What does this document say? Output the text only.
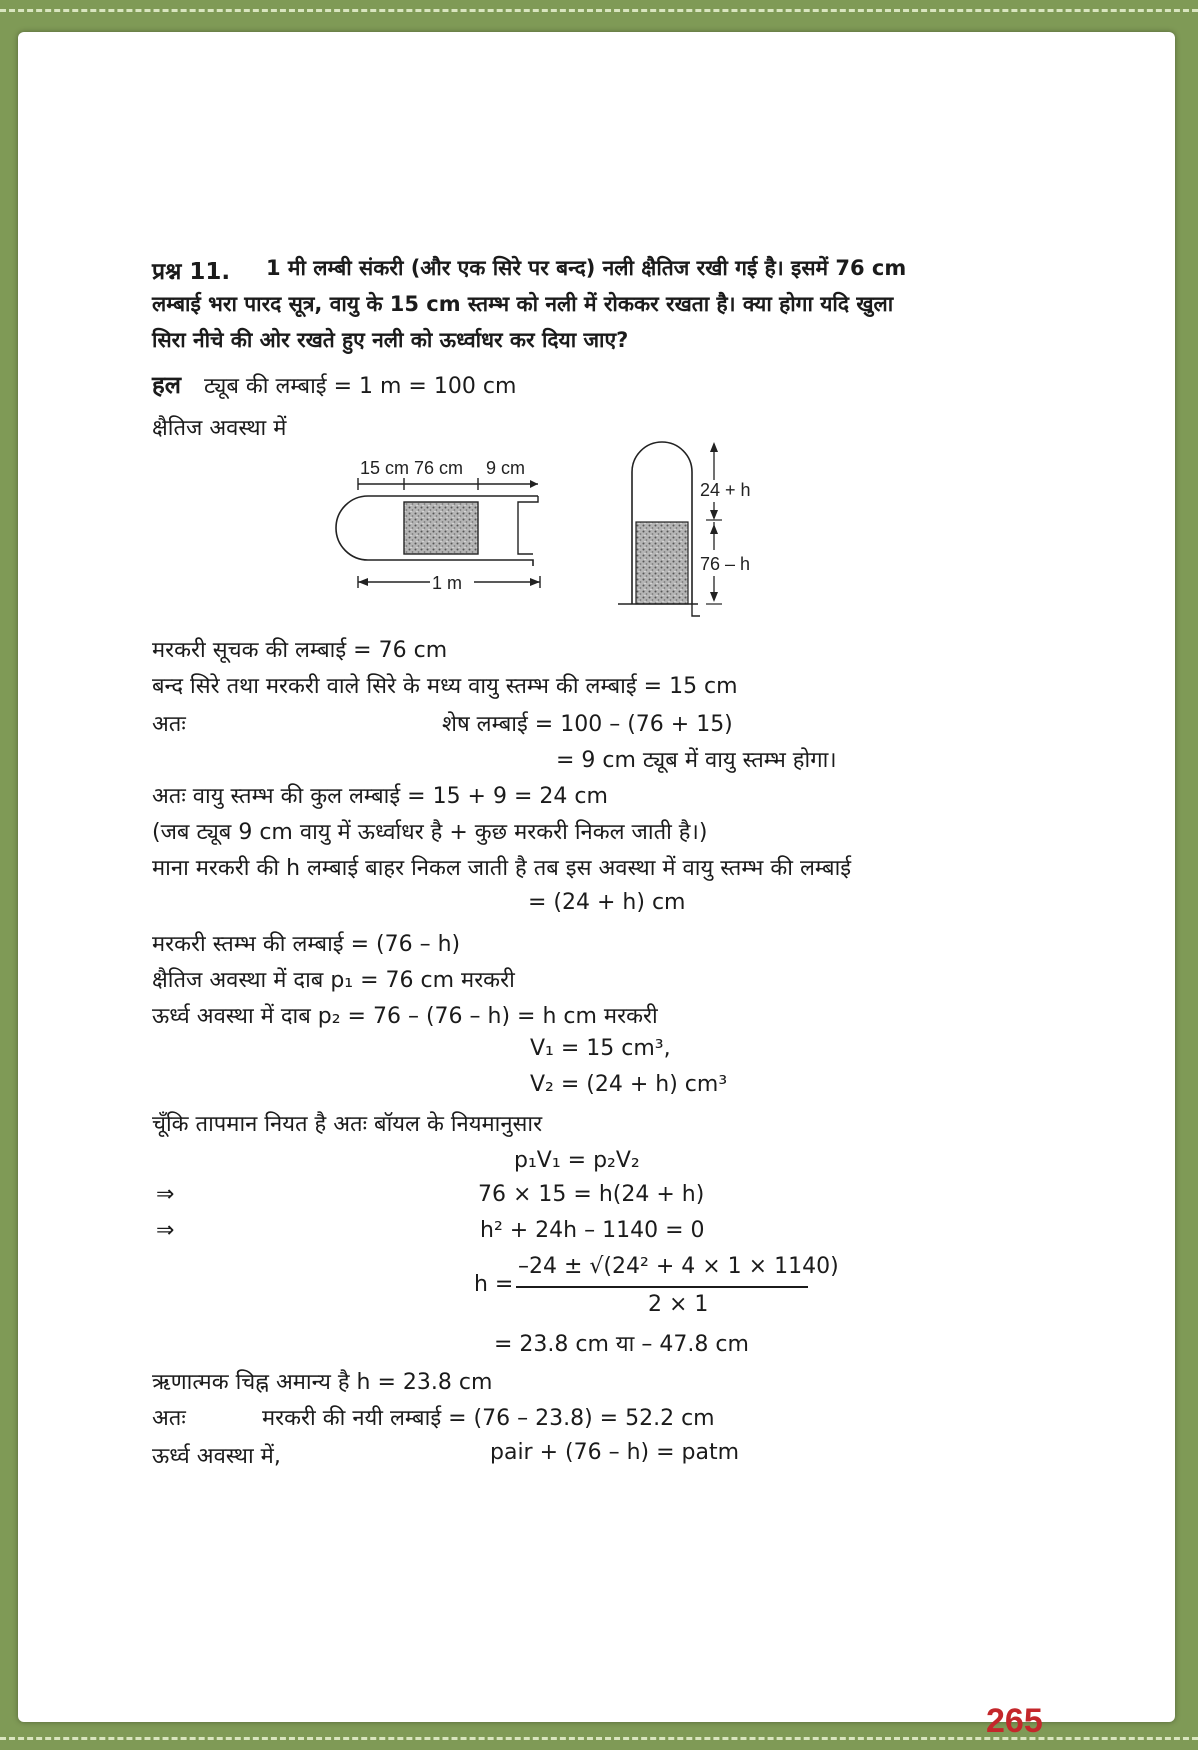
प्रश्न 11. 1 मी लम्बी संकरी (और एक सिरे पर बन्द) नली क्षैतिज रखी गई है। इसमें 76 cm
लम्बाई भरा पारद सूत्र, वायु के 15 cm स्तम्भ को नली में रोककर रखता है। क्या होगा यदि खुला
सिरा नीचे की ओर रखते हुए नली को ऊर्ध्वाधर कर दिया जाए?
हल ट्यूब की लम्बाई = 1 m = 100 cm
क्षैतिज अवस्था में
15 cm 76 cm 9 cm
1 m
24 + h
76 – h
मरकरी सूचक की लम्बाई = 76 cm
बन्द सिरे तथा मरकरी वाले सिरे के मध्य वायु स्तम्भ की लम्बाई = 15 cm
अतः	शेष लम्बाई = 100 – (76 + 15)
= 9 cm ट्यूब में वायु स्तम्भ होगा।
अतः वायु स्तम्भ की कुल लम्बाई = 15 + 9 = 24 cm
(जब ट्यूब 9 cm वायु में ऊर्ध्वाधर है + कुछ मरकरी निकल जाती है।)
माना मरकरी की h लम्बाई बाहर निकल जाती है तब इस अवस्था में वायु स्तम्भ की लम्बाई
= (24 + h) cm
मरकरी स्तम्भ की लम्बाई = (76 – h)
क्षैतिज अवस्था में दाब p₁ = 76 cm मरकरी
ऊर्ध्व अवस्था में दाब p₂ = 76 – (76 – h) = h cm मरकरी
V₁ = 15 cm³,
V₂ = (24 + h) cm³
चूँकि तापमान नियत है अतः बॉयल के नियमानुसार
p₁V₁ = p₂V₂
⇒	76 × 15 = h(24 + h)
⇒	h² + 24h – 1140 = 0
h =
–24 ± √(24² + 4 × 1 × 1140)
2 × 1
= 23.8 cm या – 47.8 cm
ऋणात्मक चिह्न अमान्य है h = 23.8 cm
अतः	मरकरी की नयी लम्बाई = (76 – 23.8) = 52.2 cm
ऊर्ध्व अवस्था में,	pair + (76 – h) = patm
265
